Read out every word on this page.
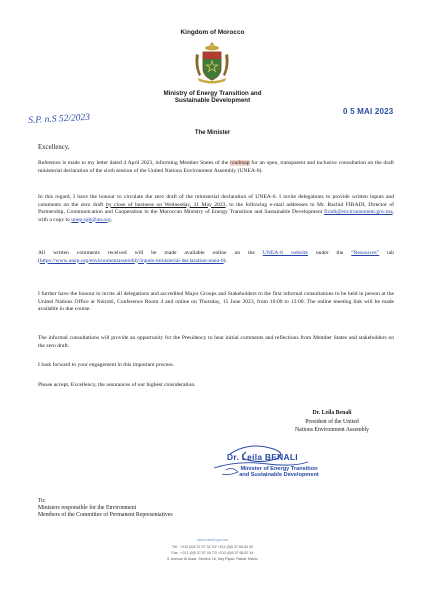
Kingdom of Morocco
Ministry of Energy Transition and
Sustainable Development
The Minister
0 5 MAI 2023
S.P. n.S 52/2023
Excellency,

Reference is made to my letter dated 4 April 2023, informing Member States of the roadmap for an open, transparent and inclusive consultation on the draft ministerial declaration of the sixth session of the United Nations Environment Assembly (UNEA-6).

In this regard, I have the honour to circulate the zero draft of the ministerial declaration of UNEA-6. I invite delegations to provide written inputs and comments on the zero draft by close of business on Wednesday, 31 May 2023, to the following e-mail addresses to Mr. Rachid FIRADI, Director of Partnership, Communication and Cooperation in the Moroccan Ministry of Energy Transition and Sustainable Development firadi@environnement.gov.ma, with a copy to unep.sgb@un.org.

All written comments received will be made available online on the UNEA-6 website under the “Resources” tab (https://www.unep.org/environmentassembly/inputs-ministerial-declaration-unea-6).

I further have the honour to invite all delegations and accredited Major Groups and Stakeholders to the first informal consultations to be held in person at the United Nations Office at Nairobi, Conference Room 4 and online on Thursday, 15 June 2023, from 10:00 to 13:00. The online meeting link will be made available in due course.

The informal consultations will provide an opportunity for the Presidency to hear initial comments and reflections from Member States and stakeholders on the zero draft.

I look forward to your engagement in this important process.

Please accept, Excellency, the assurances of our highest consideration.

Dr. Leila Benali
President of the United
Nations Environment Assembly
Dr. Leila BENALI
Minister of Energy Transition
and Sustainable Development
To:
Ministers responsible for the Environment
Members of the Committee of Permanent Representatives
www.mtedd.gov.ma
Tél : +212 (0)5 37 57 34 70/ +212 (0)5 37 68 84 00
Fax : +212 (0)5 37 57 04 72/ +212 (0)5 37 68 87 44
9, Avenue Al Araar, Secteur 16, Hay Riyad, Rabat, Maroc
